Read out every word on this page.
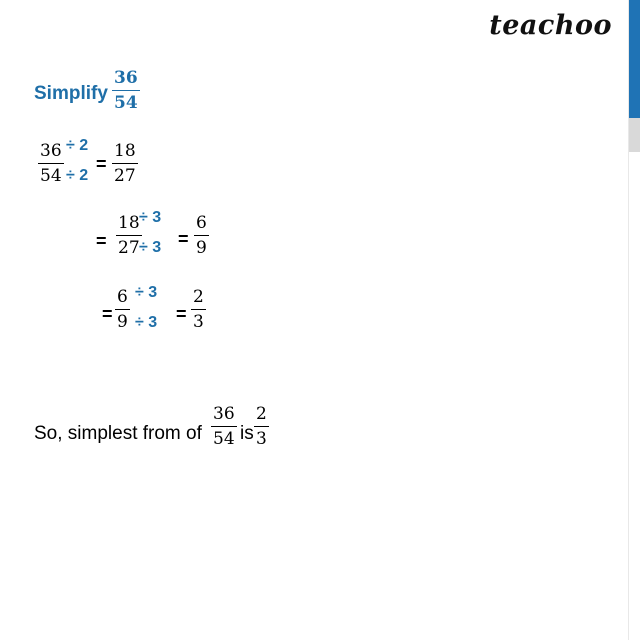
teachoo
Simplify $\frac{36}{54}$
$\frac{36}{54} \div 2$
÷ 2
= $\frac{18}{27}$
= $\frac{18}{27}$
÷ 3
÷ $3 = \frac{6}{9}$
= $\frac{6}{9} \div 3$
÷ $3 = \frac{2}{3}$
So, simplest from of $\frac{36}{54}$ is $\frac{2}{3}$
